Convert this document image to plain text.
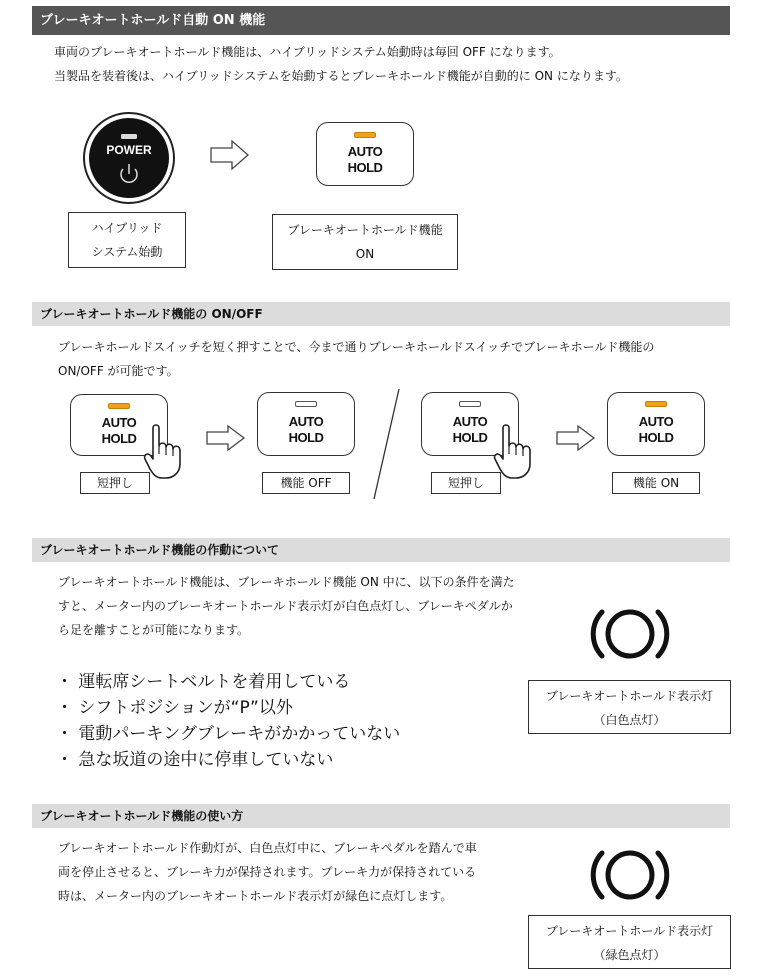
ブレーキオートホールド自動 ON 機能
車両のブレーキオートホールド機能は、ハイブリッドシステム始動時は毎回 OFF になります。
当製品を装着後は、ハイブリッドシステムを始動するとブレーキホールド機能が自動的に ON になります。
POWER	AUTO
HOLD
ハイブリッド
システム始動
ブレーキオートホールド機能
ON
ブレーキオートホールド機能の ON/OFF
ブレーキホールドスイッチを短く押すことで、今まで通りブレーキホールドスイッチでブレーキホールド機能の
ON/OFF が可能です。
AUTO
HOLD
短押し
AUTO
HOLD
機能 OFF
AUTO
HOLD
短押し
AUTO
HOLD
機能 ON
ブレーキオートホールド機能の作動について
ブレーキオートホールド機能は、ブレーキホールド機能 ON 中に、以下の条件を満た
すと、メーター内のブレーキオートホールド表示灯が白色点灯し、ブレーキペダルか
ら足を離すことが可能になります。
・ 運転席シートベルトを着用している
・ シフトポジションが“P”以外
・ 電動パーキングブレーキがかかっていない
・ 急な坂道の途中に停車していない
ブレーキオートホールド表示灯
（白色点灯）
ブレーキオートホールド機能の使い方
ブレーキオートホールド作動灯が、白色点灯中に、ブレーキペダルを踏んで車
両を停止させると、ブレーキ力が保持されます。ブレーキ力が保持されている
時は、メーター内のブレーキオートホールド表示灯が緑色に点灯します。
ブレーキオートホールド表示灯
（緑色点灯）
